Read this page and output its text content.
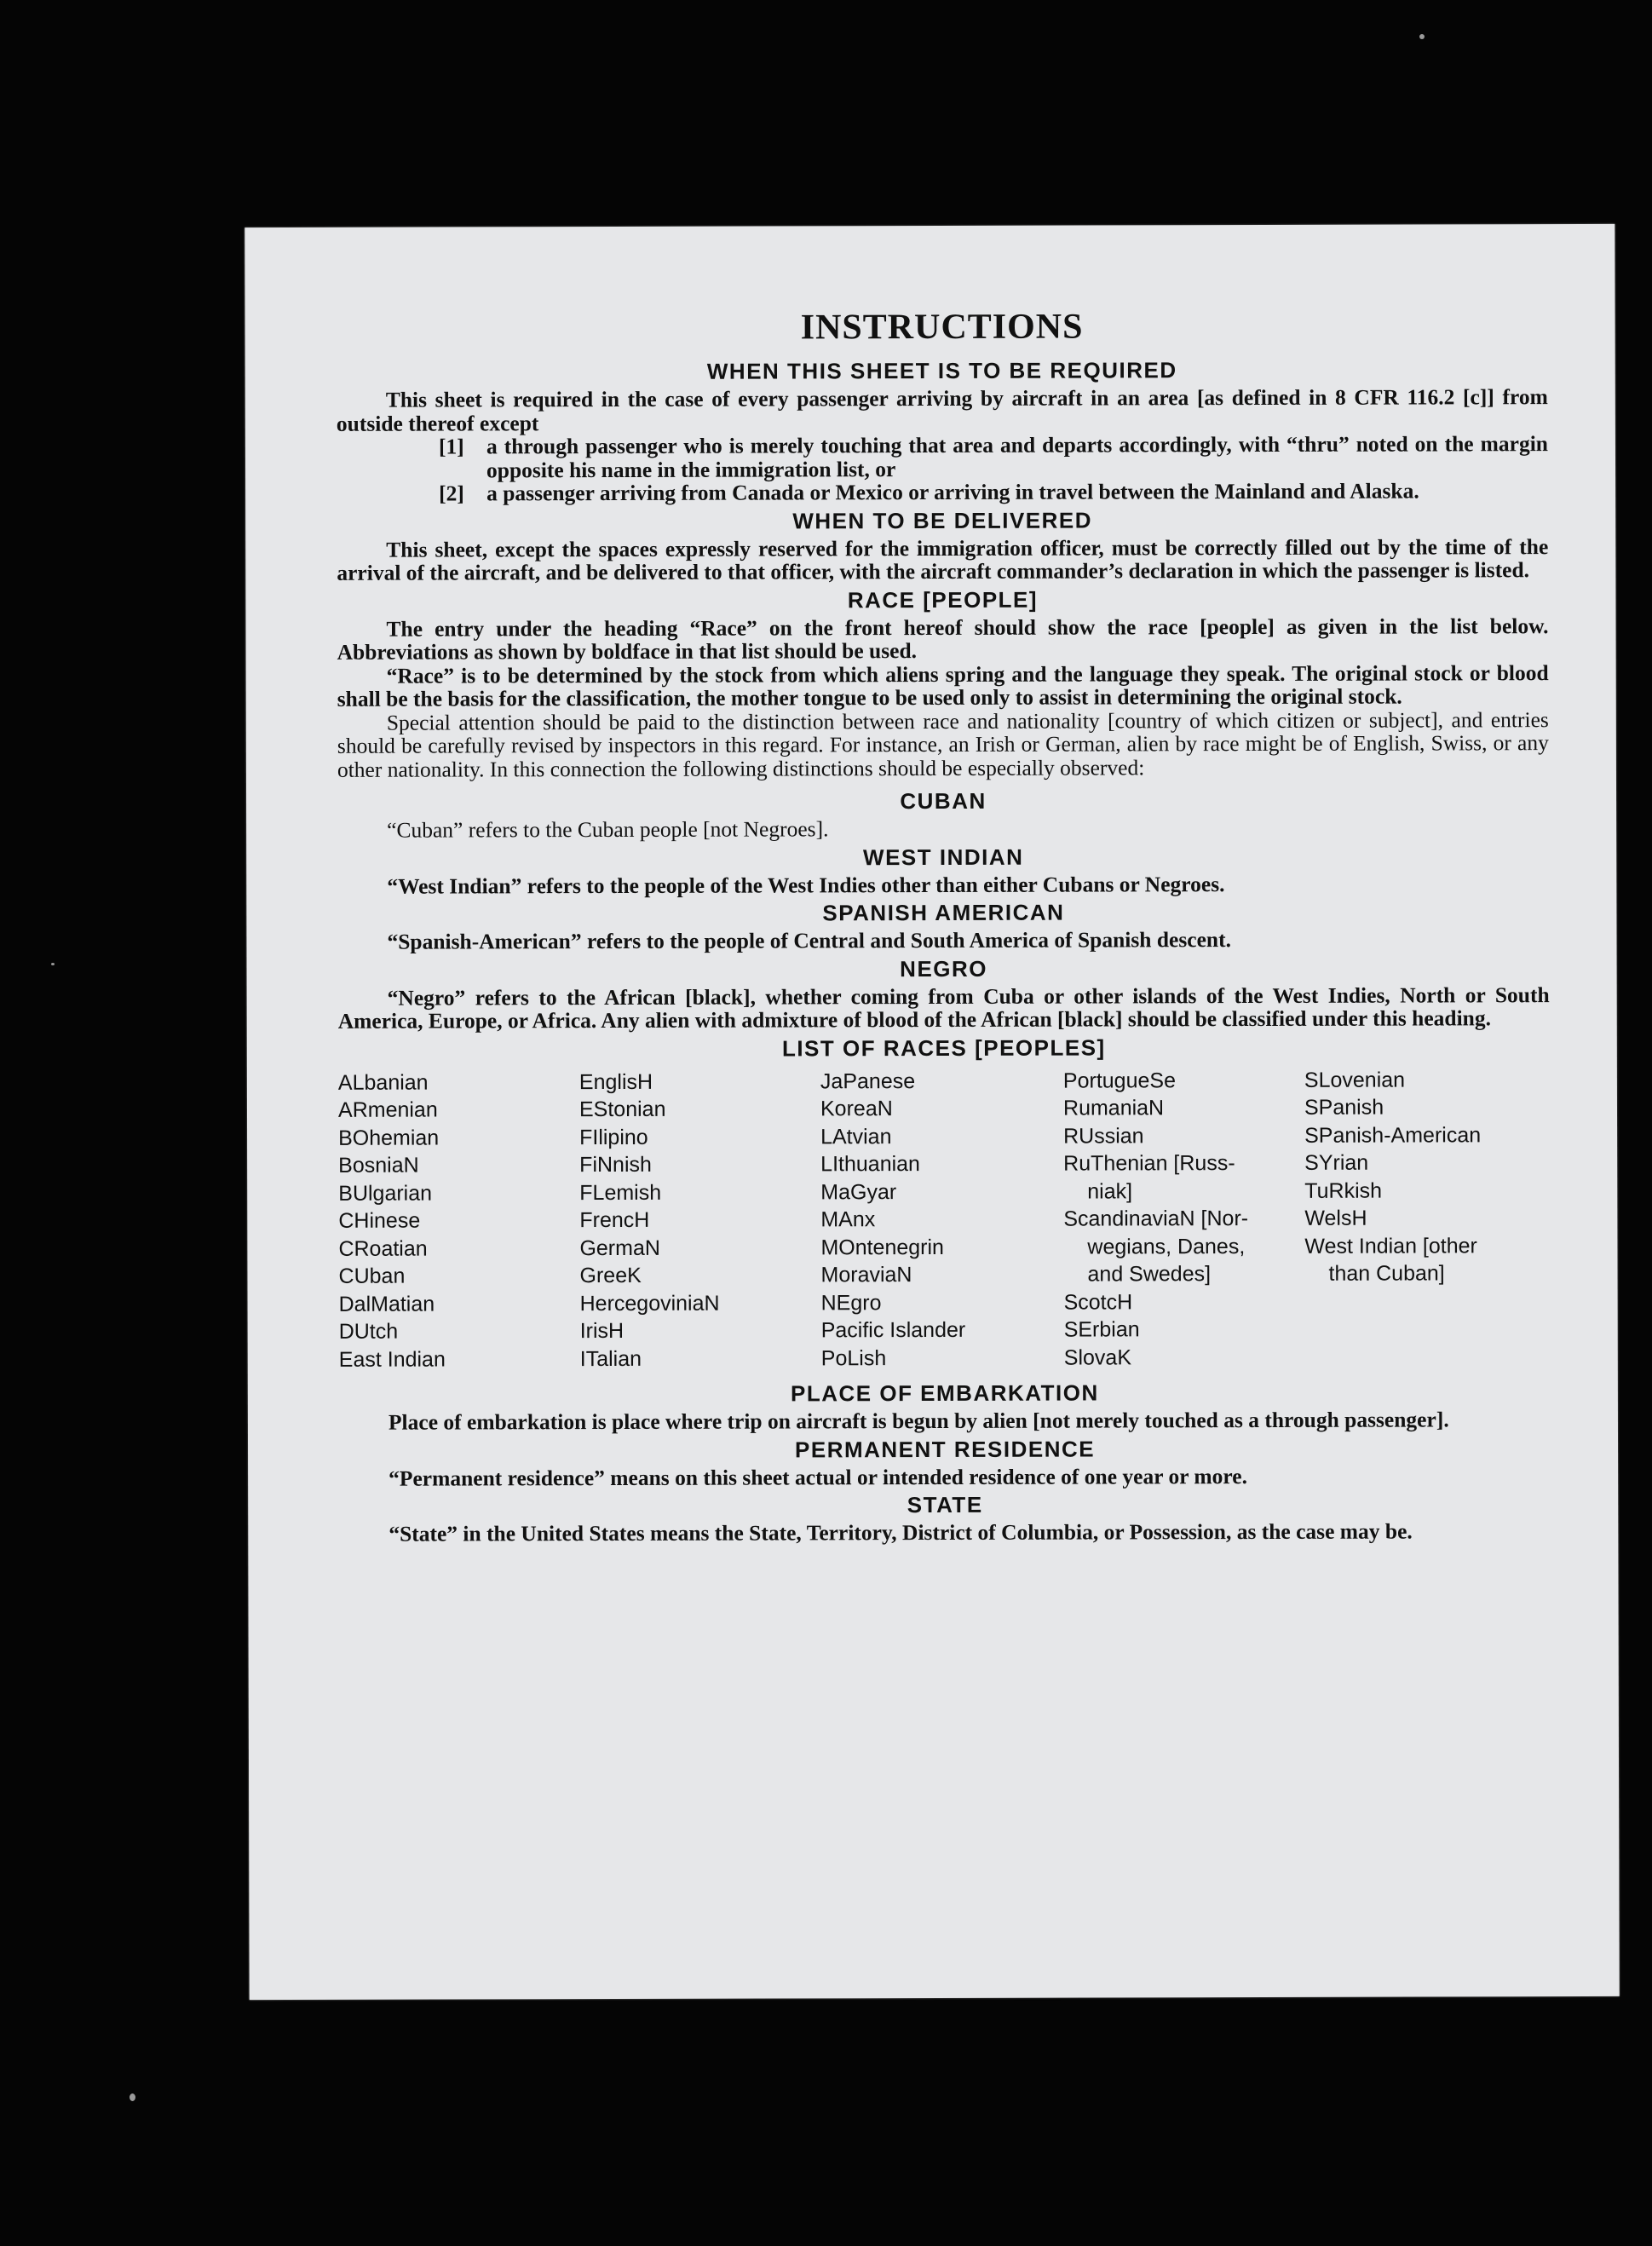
INSTRUCTIONS
WHEN THIS SHEET IS TO BE REQUIRED

This sheet is required in the case of every passenger arriving by aircraft in an area [as defined in 8 CFR 116.2 [c]] from outside thereof except

[1] a through passenger who is merely touching that area and departs accordingly, with “thru” noted on the margin opposite his name in the immigration list, or
[2] a passenger arriving from Canada or Mexico or arriving in travel between the Mainland and Alaska.
WHEN TO BE DELIVERED

This sheet, except the spaces expressly reserved for the immigration officer, must be correctly filled out by the time of the arrival of the aircraft, and be delivered to that officer, with the aircraft commander’s declaration in which the passenger is listed.

RACE [PEOPLE]

The entry under the heading “Race” on the front hereof should show the race [people] as given in the list below. Abbreviations as shown by boldface in that list should be used.

“Race” is to be determined by the stock from which aliens spring and the language they speak. The original stock or blood shall be the basis for the classification, the mother tongue to be used only to assist in determining the original stock.

Special attention should be paid to the distinction between race and nationality [country of which citizen or subject], and entries should be carefully revised by inspectors in this regard. For instance, an Irish or German, alien by race might be of English, Swiss, or any other nationality. In this connection the following distinctions should be especially observed:

CUBAN

“Cuban” refers to the Cuban people [not Negroes].

WEST INDIAN

“West Indian” refers to the people of the West Indies other than either Cubans or Negroes.

SPANISH AMERICAN

“Spanish-American” refers to the people of Central and South America of Spanish descent.

NEGRO

“Negro” refers to the African [black], whether coming from Cuba or other islands of the West Indies, North or South America, Europe, or Africa. Any alien with admixture of blood of the African [black] should be classified under this heading.

LIST OF RACES [PEOPLES]
ALbanian
ARmenian
BOhemian
BosniaN
BUlgarian
CHinese
CRoatian
CUban
DalMatian
DUtch
East Indian
EnglisH
EStonian
FIlipino
FiNnish
FLemish
FrencH
GermaN
GreeK
HercegoviniaN
IrisH
ITalian
JaPanese
KoreaN
LAtvian
LIthuanian
MaGyar
MAnx
MOntenegrin
MoraviaN
NEgro
Pacific Islander
PoLish
PortugueSe
RumaniaN
RUssian
RuThenian [Russ-
niak]
ScandinaviaN [Nor-
wegians, Danes,
and Swedes]
ScotcH
SErbian
SlovaK
SLovenian
SPanish
SPanish-American
SYrian
TuRkish
WelsH
West Indian [other
than Cuban]
PLACE OF EMBARKATION

Place of embarkation is place where trip on aircraft is begun by alien [not merely touched as a through passenger].

PERMANENT RESIDENCE

“Permanent residence” means on this sheet actual or intended residence of one year or more.

STATE

“State” in the United States means the State, Territory, District of Columbia, or Possession, as the case may be.
